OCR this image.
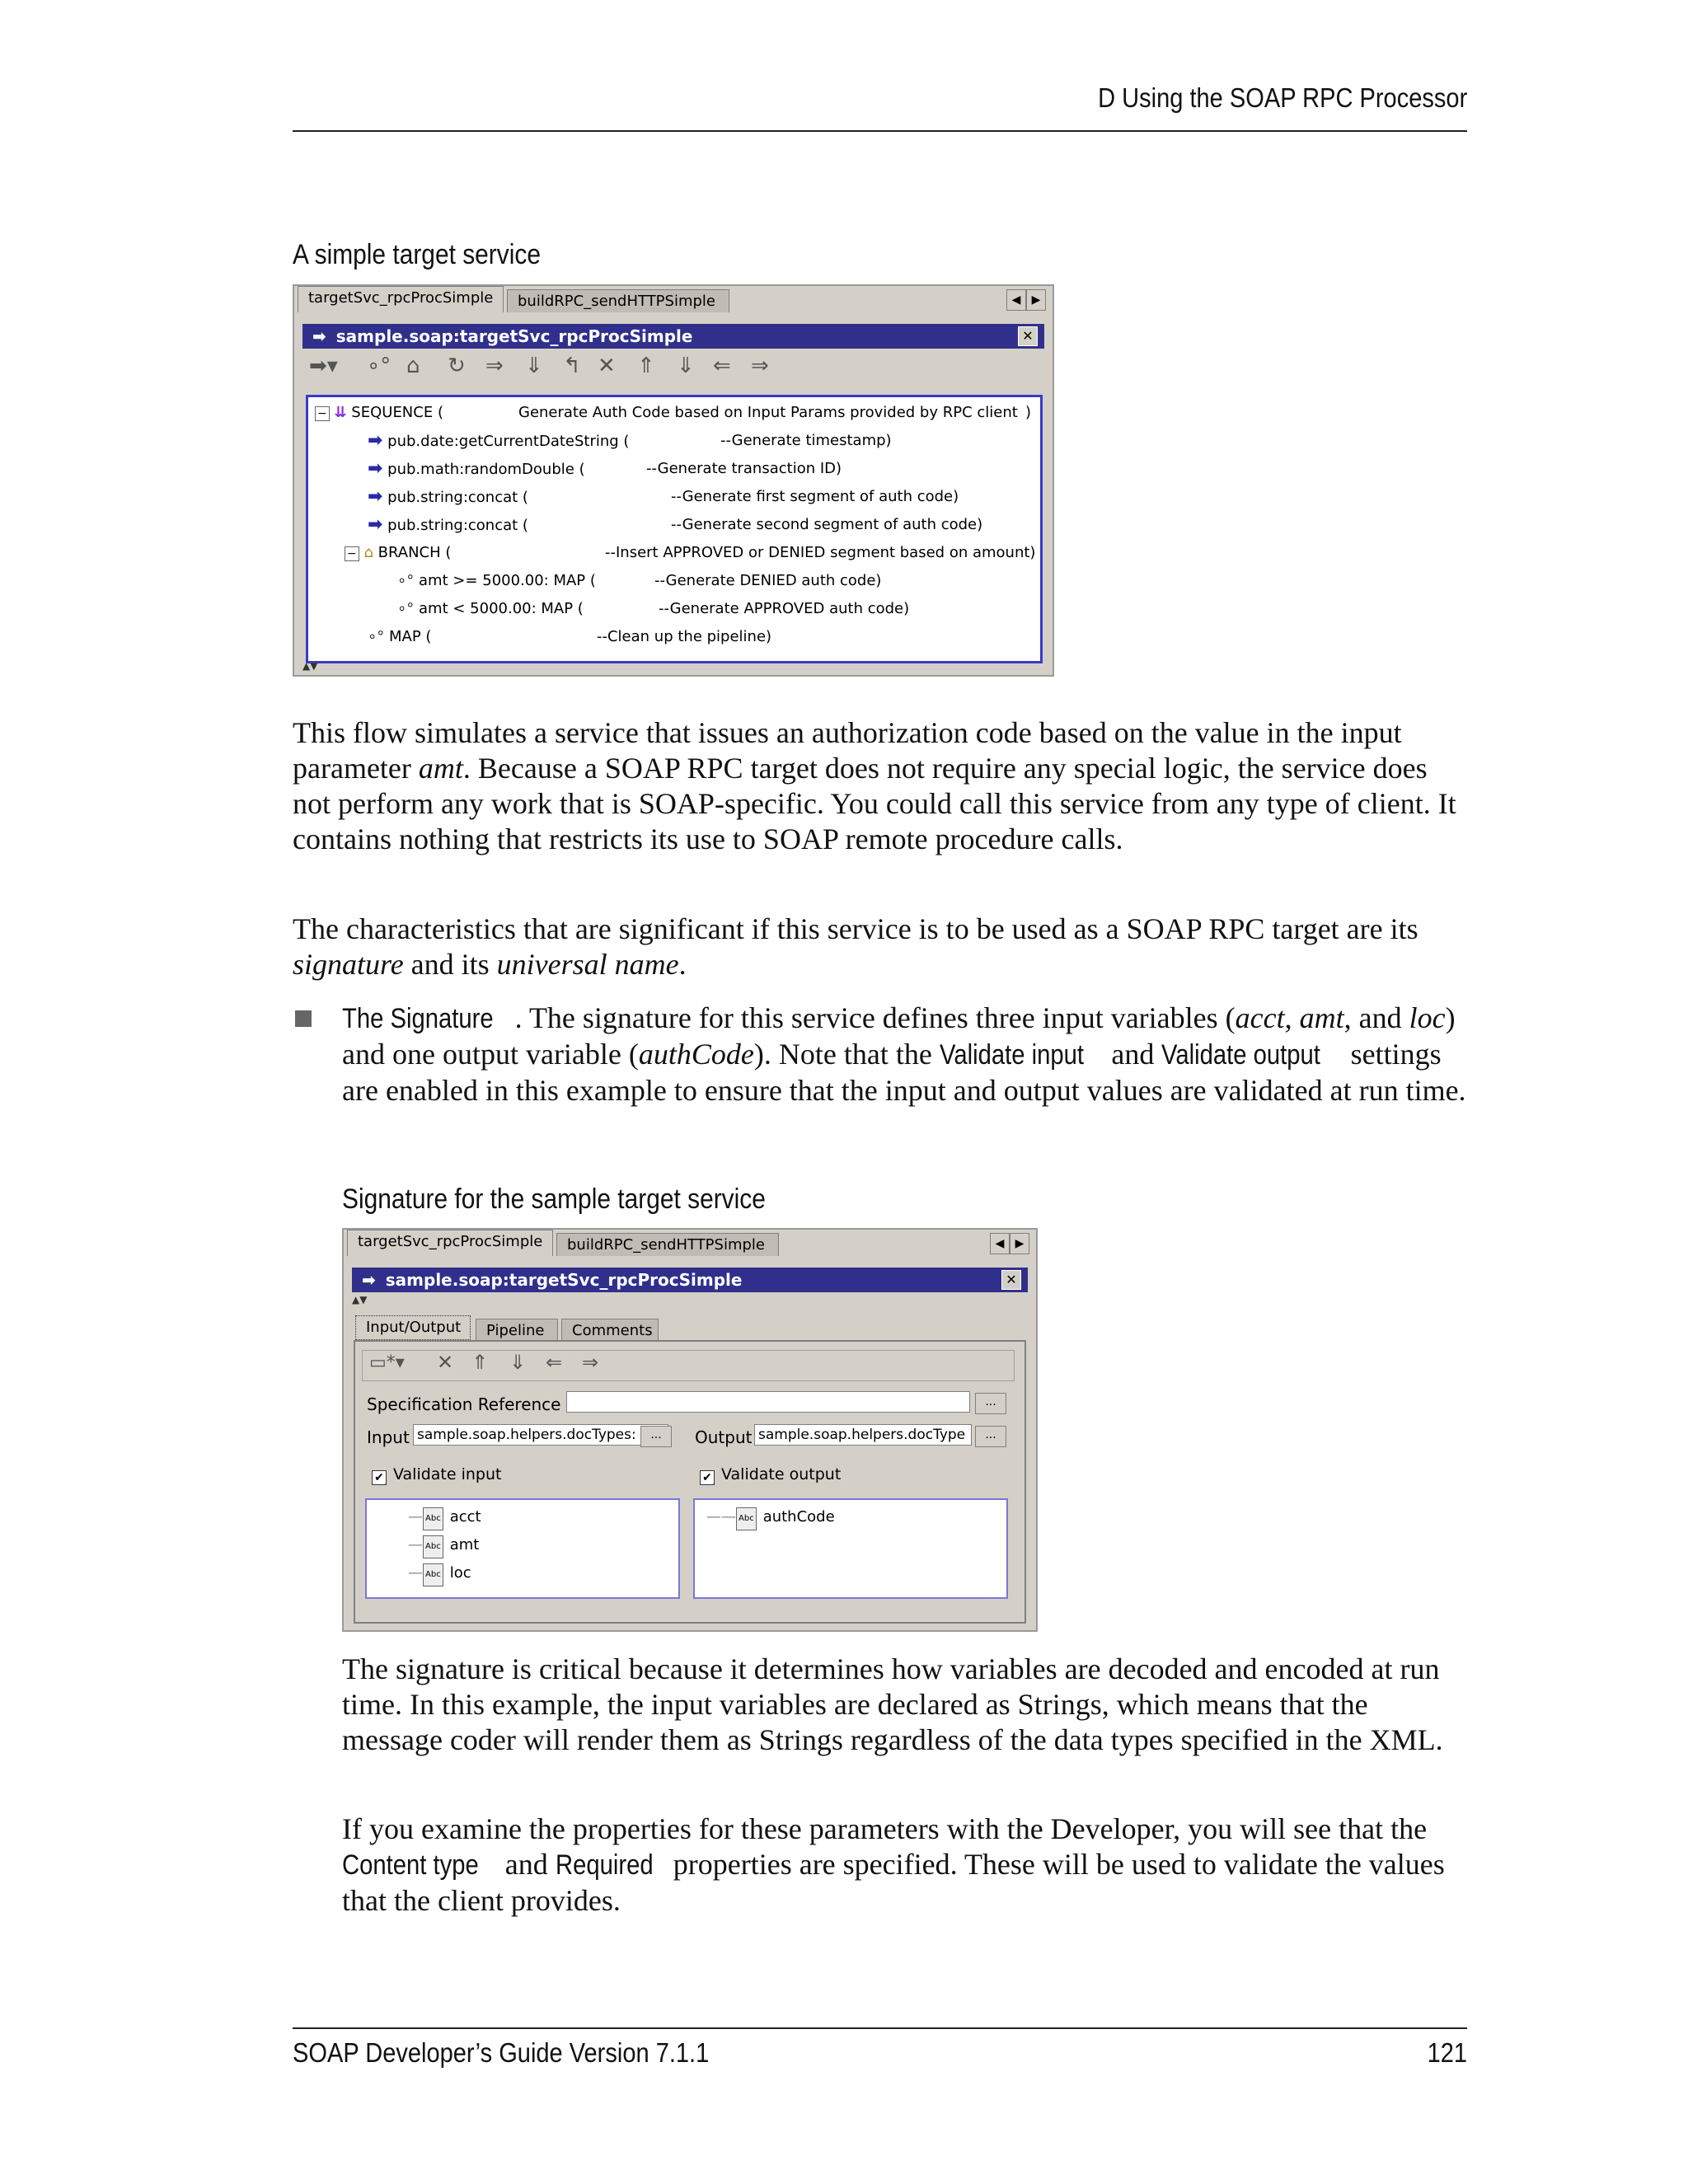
D Using the SOAP RPC Processor
A simple target service
targetSvc_rpcProcSimple	buildRPC_sendHTTPSimple	◀ ▶
➡ sample.soap:targetSvc_rpcProcSimple	✕
➡▾ ∘° ⌂ ↻ ⇒ ⇓ ↰ ✕ ⇑ ⇓ ⇐ ⇒
− ⇊ SEQUENCE (	Generate Auth Code based on Input Params provided by RPC client )
➡ pub.date:getCurrentDateString (	--Generate timestamp)
➡ pub.math:randomDouble (	--Generate transaction ID)
➡ pub.string:concat (	--Generate first segment of auth code)
➡ pub.string:concat (	--Generate second segment of auth code)
− ⌂ BRANCH (	--Insert APPROVED or DENIED segment based on amount)
∘° amt >= 5000.00: MAP (	--Generate DENIED auth code)
∘° amt < 5000.00: MAP (	--Generate APPROVED auth code)
∘° MAP (	--Clean up the pipeline)
▲▼
This flow simulates a service that issues an authorization code based on the value in the input parameter amt. Because a SOAP RPC target does not require any special logic, the service does not perform any work that is SOAP-specific. You could call this service from any type of client. It contains nothing that restricts its use to SOAP remote procedure calls.
The characteristics that are significant if this service is to be used as a SOAP RPC target are its signature and its universal name.
The Signature . The signature for this service defines three input variables (acct, amt, and loc) and one output variable (authCode). Note that the Validate input and Validate output settings are enabled in this example to ensure that the input and output values are validated at run time.
Signature for the sample target service
targetSvc_rpcProcSimple	buildRPC_sendHTTPSimple	◀ ▶
➡ sample.soap:targetSvc_rpcProcSimple	✕
▲▼
Input/Output	Pipeline	Comments
▭*▾ ✕ ⇑ ⇓ ⇐ ⇒
Specification Reference	...
Input sample.soap.helpers.docTypes:	...	Output sample.soap.helpers.docType	...
✔ Validate input	✔ Validate output
— Abc acct
— Abc amt
— Abc loc
—— Abc authCode
The signature is critical because it determines how variables are decoded and encoded at run time. In this example, the input variables are declared as Strings, which means that the message coder will render them as Strings regardless of the data types specified in the XML.
If you examine the properties for these parameters with the Developer, you will see that the Content type and Required properties are specified. These will be used to validate the values that the client provides.
SOAP Developer’s Guide Version 7.1.1	121
